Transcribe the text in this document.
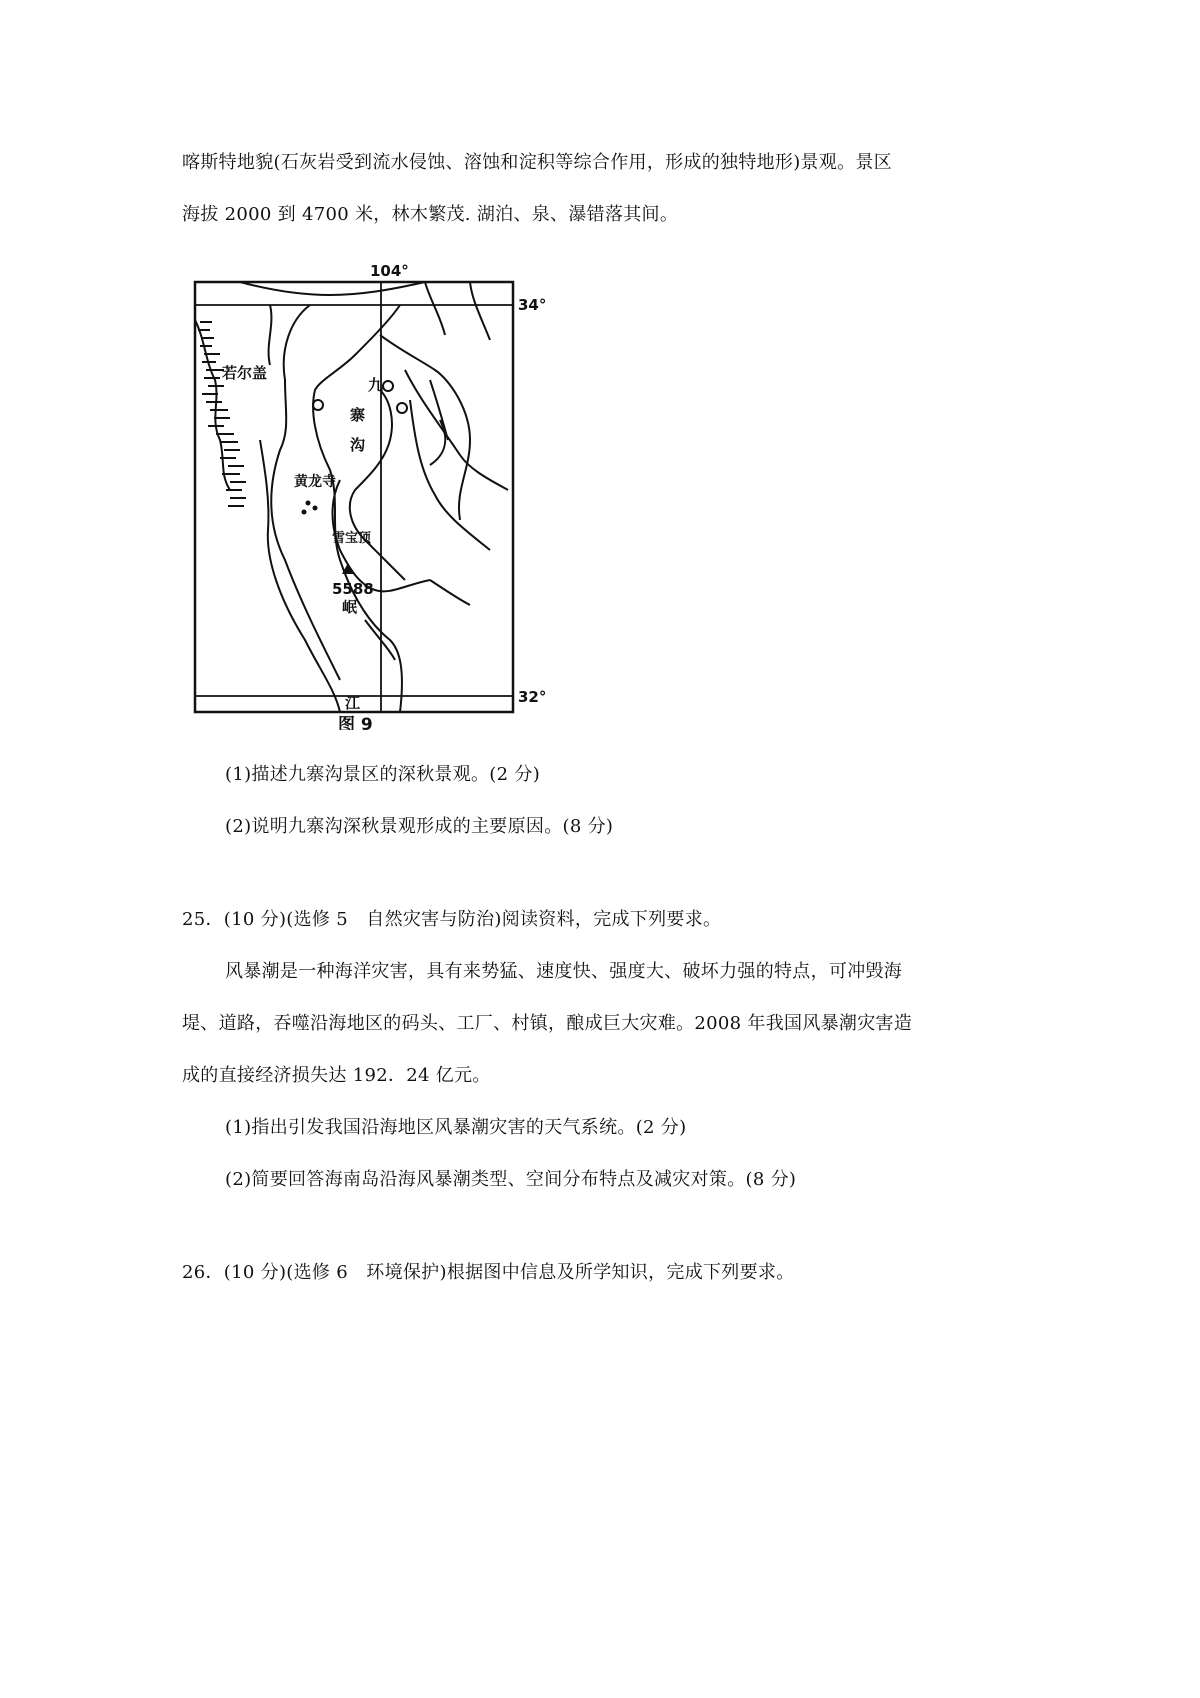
喀斯特地貌(石灰岩受到流水侵蚀、溶蚀和淀积等综合作用，形成的独特地形)景观。景区
海拔 2000 到 4700 米，林木繁茂. 湖泊、泉、瀑错落其间。
104°
34°
32°
若尔盖
九
寨
沟
黄龙寺
雪宝顶
5588
岷
江
图 9
(1)描述九寨沟景区的深秋景观。(2 分)
(2)说明九寨沟深秋景观形成的主要原因。(8 分)
25．(10 分)(选修 5　自然灾害与防治)阅读资料，完成下列要求。
风暴潮是一种海洋灾害，具有来势猛、速度快、强度大、破坏力强的特点，可冲毁海
堤、道路，吞噬沿海地区的码头、工厂、村镇，酿成巨大灾难。2008 年我国风暴潮灾害造
成的直接经济损失达 192．24 亿元。
(1)指出引发我国沿海地区风暴潮灾害的天气系统。(2 分)
(2)简要回答海南岛沿海风暴潮类型、空间分布特点及减灾对策。(8 分)
26．(10 分)(选修 6　环境保护)根据图中信息及所学知识，完成下列要求。
